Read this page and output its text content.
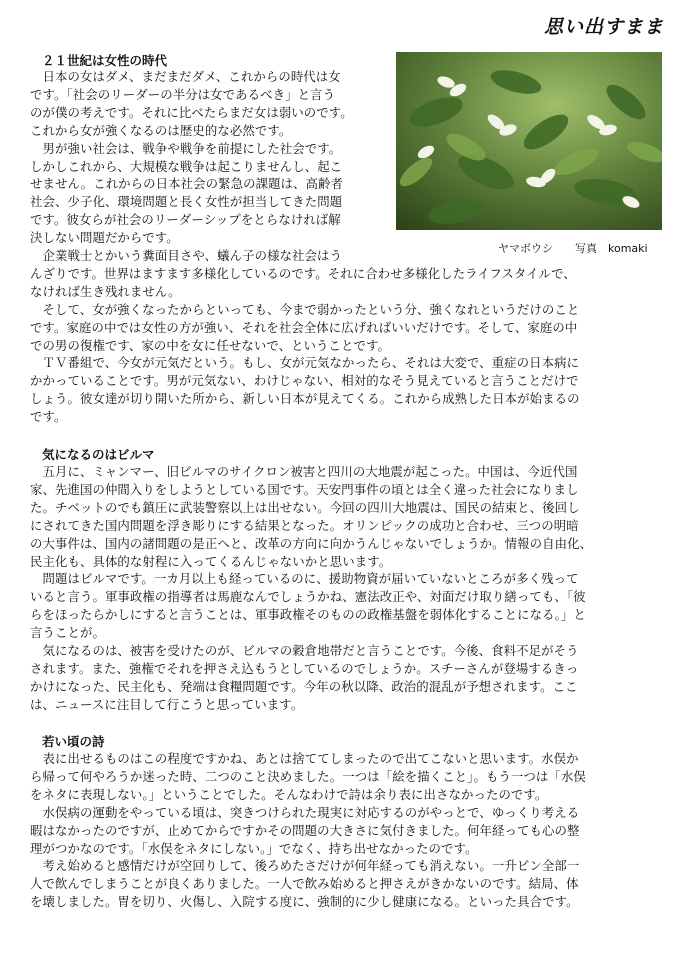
思い出すまま
ヤマボウシ　　写真　komaki
２１世紀は女性の時代
　日本の女はダメ、まだまだダメ、これからの時代は女
です。「社会のリーダーの半分は女であるべき」と言う
のが僕の考えです。それに比べたらまだ女は弱いのです。
これから女が強くなるのは歴史的な必然です。
　男が強い社会は、戦争や戦争を前提にした社会です。
しかしこれから、大規模な戦争は起こりませんし、起こ
せません。これからの日本社会の緊急の課題は、高齢者
社会、少子化、環境問題と長く女性が担当してきた問題
です。彼女らが社会のリーダーシップをとらなければ解
決しない問題だからです。
　企業戦士とかいう糞面目さや、蟻ん子の様な社会はう
んざりです。世界はますます多様化しているのです。それに合わせ多様化したライフスタイルで、
なければ生き残れません。
　そして、女が強くなったからといっても、今まで弱かったという分、強くなれというだけのこと
です。家庭の中では女性の方が強い、それを社会全体に広げればいいだけです。そして、家庭の中
での男の復権です、家の中を女に任せないで、ということです。
　ＴＶ番組で、今女が元気だという。もし、女が元気なかったら、それは大変で、重症の日本病に
かかっていることです。男が元気ない、わけじゃない、相対的なそう見えていると言うことだけで
しょう。彼女達が切り開いた所から、新しい日本が見えてくる。これから成熟した日本が始まるの
です。
気になるのはビルマ
　五月に、ミャンマー、旧ビルマのサイクロン被害と四川の大地震が起こった。中国は、今近代国
家、先進国の仲間入りをしようとしている国です。天安門事件の頃とは全く違った社会になりまし
た。チベットのでも鎮圧に武装警察以上は出せない。今回の四川大地震は、国民の結束と、後回し
にされてきた国内問題を浮き彫りにする結果となった。オリンピックの成功と合わせ、三つの明暗
の大事件は、国内の諸問題の是正へと、改革の方向に向かうんじゃないでしょうか。情報の自由化、
民主化も、具体的な射程に入ってくるんじゃないかと思います。
　問題はビルマです。一カ月以上も経っているのに、援助物資が届いていないところが多く残って
いると言う。軍事政権の指導者は馬鹿なんでしょうかね、憲法改正や、対面だけ取り繕っても、「彼
らをほったらかしにすると言うことは、軍事政権そのものの政権基盤を弱体化することになる。」と
言うことが。
　気になるのは、被害を受けたのが、ビルマの穀倉地帯だと言うことです。今後、食料不足がそう
されます。また、強権でそれを押さえ込もうとしているのでしょうか。スチーさんが登場するきっ
かけになった、民主化も、発端は食糧問題です。今年の秋以降、政治的混乱が予想されます。ここ
は、ニュースに注目して行こうと思っています。
若い頃の詩
　表に出せるものはこの程度ですかね、あとは捨ててしまったので出てこないと思います。水俣か
ら帰って何やろうか迷った時、二つのこと決めました。一つは「絵を描くこと」。もう一つは「水俣
をネタに表現しない。」ということでした。そんなわけで詩は余り表に出さなかったのです。
　水俣病の運動をやっている頃は、突きつけられた現実に対応するのがやっとで、ゆっくり考える
暇はなかったのですが、止めてからですかその問題の大きさに気付きました。何年経っても心の整
理がつかなのです。「水俣をネタにしない。」でなく、持ち出せなかったのです。
　考え始めると感情だけが空回りして、後ろめたさだけが何年経っても消えない。一升ビン全部一
人で飲んでしまうことが良くありました。一人で飲み始めると押さえがきかないのです。結局、体
を壊しました。胃を切り、火傷し、入院する度に、強制的に少し健康になる。といった具合です。
